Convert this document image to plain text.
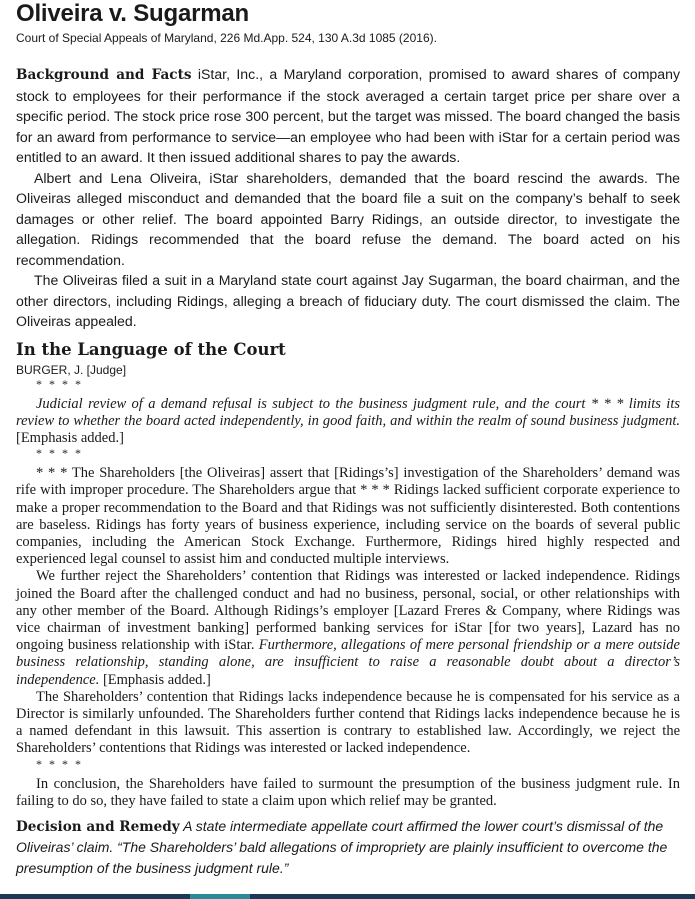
Oliveira v. Sugarman
Court of Special Appeals of Maryland, 226 Md.App. 524, 130 A.3d 1085 (2016).

Background and Facts iStar, Inc., a Maryland corporation, promised to award shares of company stock to employees for their performance if the stock averaged a certain target price per share over a specific period. The stock price rose 300 percent, but the target was missed. The board changed the basis for an award from performance to service—an employee who had been with iStar for a certain period was entitled to an award. It then issued additional shares to pay the awards.

Albert and Lena Oliveira, iStar shareholders, demanded that the board rescind the awards. The Oliveiras alleged misconduct and demanded that the board file a suit on the company’s behalf to seek damages or other relief. The board appointed Barry Ridings, an outside director, to investigate the allegation. Ridings recommended that the board refuse the demand. The board acted on his recommendation.

The Oliveiras filed a suit in a Maryland state court against Jay Sugarman, the board chairman, and the other directors, including Ridings, alleging a breach of fiduciary duty. The court dismissed the claim. The Oliveiras appealed.

In the Language of the Court

BURGER, J. [Judge]

* * * *

Judicial review of a demand refusal is subject to the business judgment rule, and the court * * * limits its review to whether the board acted independently, in good faith, and within the realm of sound business judgment. [Emphasis added.]

* * * *

* * * The Shareholders [the Oliveiras] assert that [Ridings’s] investigation of the Shareholders’ demand was rife with improper procedure. The Shareholders argue that * * * Ridings lacked sufficient corporate experience to make a proper recommendation to the Board and that Ridings was not sufficiently disinterested. Both contentions are baseless. Ridings has forty years of business experience, including service on the boards of several public companies, including the American Stock Exchange. Furthermore, Ridings hired highly respected and experienced legal counsel to assist him and conducted multiple interviews.

We further reject the Shareholders’ contention that Ridings was interested or lacked independence. Ridings joined the Board after the challenged conduct and had no business, personal, social, or other relationships with any other member of the Board. Although Ridings’s employer [Lazard Freres & Company, where Ridings was vice chairman of investment banking] performed banking services for iStar [for two years], Lazard has no ongoing business relationship with iStar. Furthermore, allegations of mere personal friendship or a mere outside business relationship, standing alone, are insufficient to raise a reasonable doubt about a director’s independence. [Emphasis added.]

The Shareholders’ contention that Ridings lacks independence because he is compensated for his service as a Director is similarly unfounded. The Shareholders further contend that Ridings lacks independence because he is a named defendant in this lawsuit. This assertion is contrary to established law. Accordingly, we reject the Shareholders’ contentions that Ridings was interested or lacked independence.

* * * *

In conclusion, the Shareholders have failed to surmount the presumption of the business judgment rule. In failing to do so, they have failed to state a claim upon which relief may be granted.

Decision and Remedy A state intermediate appellate court affirmed the lower court’s dismissal of the Oliveiras’ claim. “The Shareholders’ bald allegations of impropriety are plainly insufficient to overcome the presumption of the business judgment rule.”
